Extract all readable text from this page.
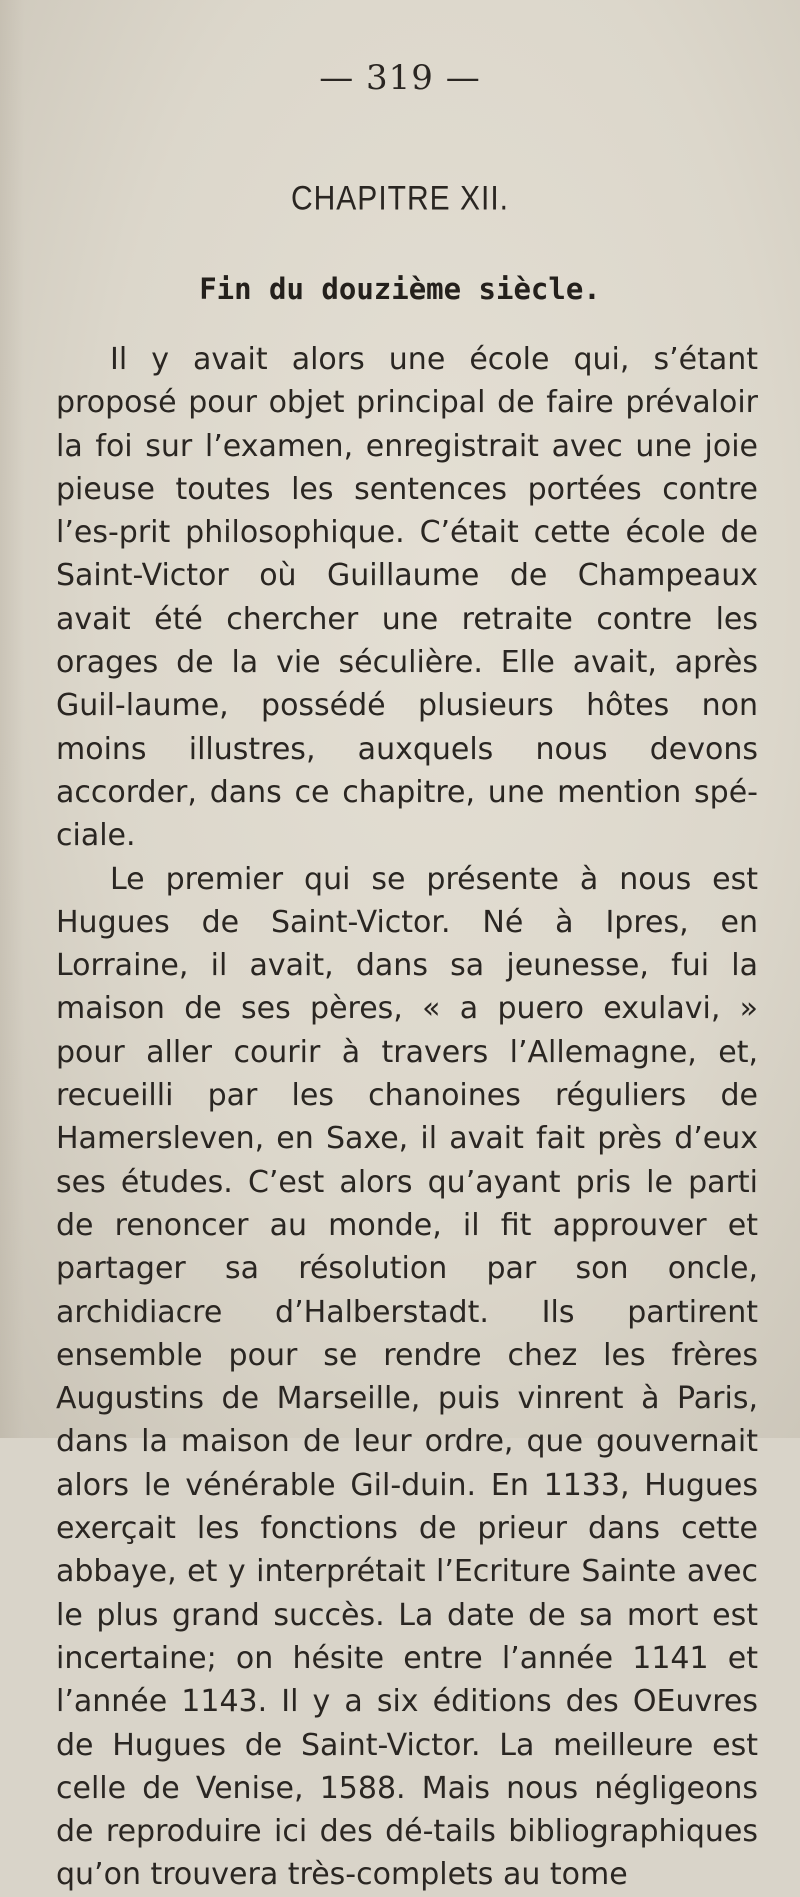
— 319 —
CHAPITRE XII.
Fin du douzième siècle.

Il y avait alors une école qui, s’étant proposé pour objet principal de faire prévaloir la foi sur l’examen, enregistrait avec une joie pieuse toutes les sentences portées contre l’es-prit philosophique. C’était cette école de Saint-Victor où Guillaume de Champeaux avait été chercher une retraite contre les orages de la vie séculière. Elle avait, après Guil-laume, possédé plusieurs hôtes non moins illustres, auxquels nous devons accorder, dans ce chapitre, une mention spé-ciale.

Le premier qui se présente à nous est Hugues de Saint-Victor. Né à Ipres, en Lorraine, il avait, dans sa jeunesse, fui la maison de ses pères, « a puero exulavi, » pour aller courir à travers l’Allemagne, et, recueilli par les chanoines réguliers de Hamersleven, en Saxe, il avait fait près d’eux ses études. C’est alors qu’ayant pris le parti de renoncer au monde, il fit approuver et partager sa résolution par son oncle, archidiacre d’Halberstadt. Ils partirent ensemble pour se rendre chez les frères Augustins de Marseille, puis vinrent à Paris, dans la maison de leur ordre, que gouvernait alors le vénérable Gil-duin. En 1133, Hugues exerçait les fonctions de prieur dans cette abbaye, et y interprétait l’Ecriture Sainte avec le plus grand succès. La date de sa mort est incertaine; on hésite entre l’année 1141 et l’année 1143. Il y a six éditions des OEuvres de Hugues de Saint-Victor. La meilleure est celle de Venise, 1588. Mais nous négligeons de reproduire ici des dé-tails bibliographiques qu’on trouvera très-complets au tome
